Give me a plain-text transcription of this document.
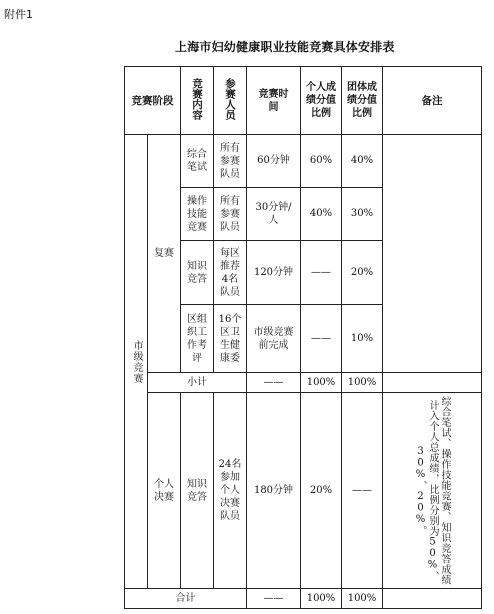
附件1
上海市妇幼健康职业技能竞赛具体安排表
竞赛阶段		竞赛内容	参赛人员	竞赛时间	个人成绩分值比例	团体成绩分值比例	备注

市级竞赛	复赛	综合笔试	所有参赛队员	60分钟	60%	40%	

		操作技能竞赛	所有参赛队员	30分钟/人	40%	30%	

		知识竞答	每区推荐4名队员	120分钟	——	20%	

		区组织工作考评	16个区卫生健康委	市级竞赛前完成	——	10%	
	小计			——	100%	100%	

	个人决赛	知识竞答	24名参加个人决赛队员	180分钟	20%	——	综合笔试、操作技能竞赛、知识竞答成绩计入个人总成绩，比例分别为50%、30%、20%。

合计				——	100%	100%	
